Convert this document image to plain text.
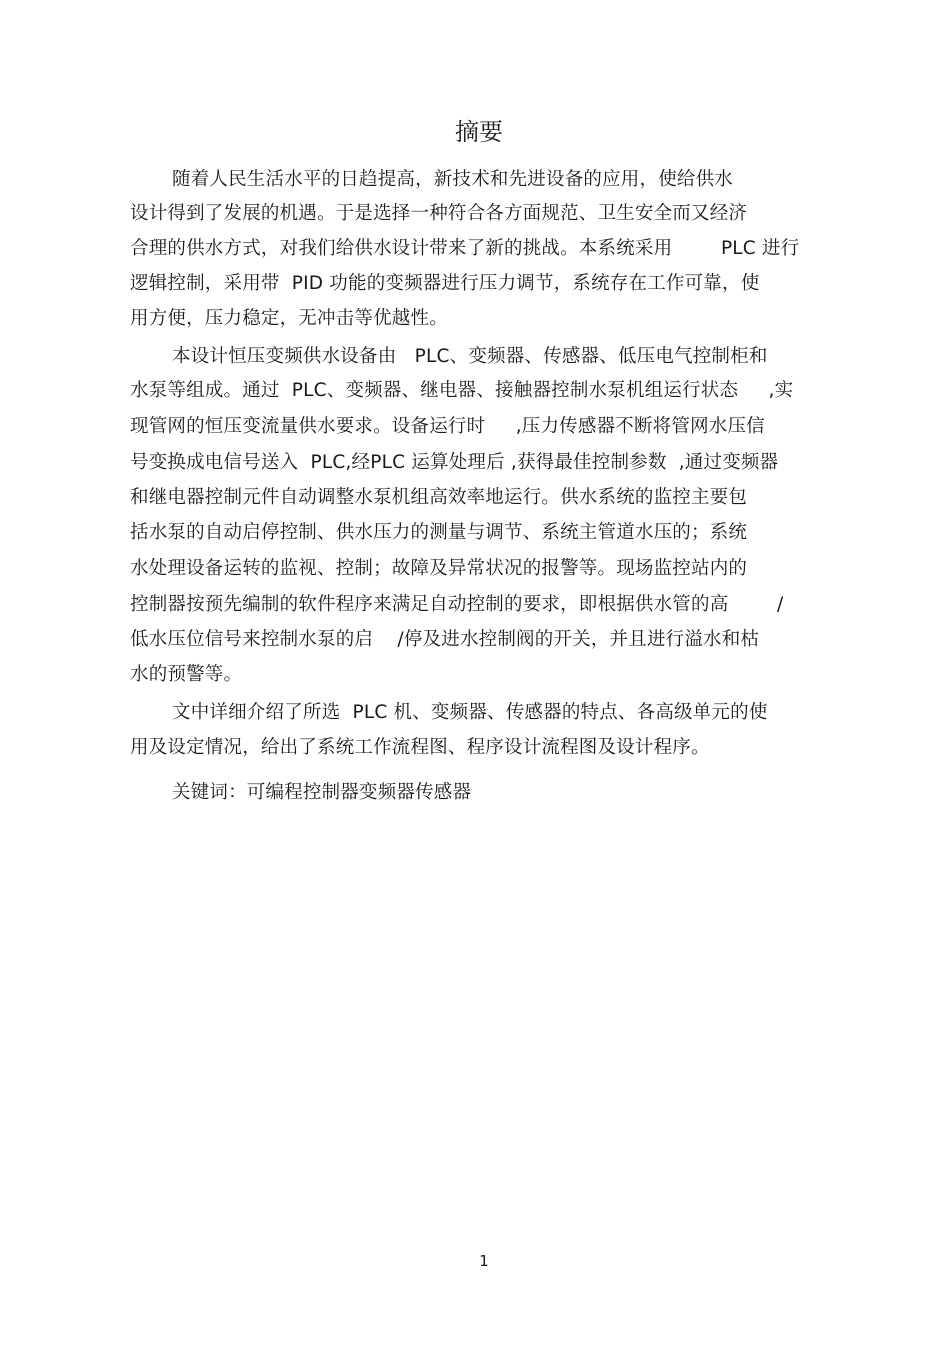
摘要
随着人民生活水平的日趋提高，新技术和先进设备的应用，使给供水
设计得到了发展的机遇。于是选择一种符合各方面规范、卫生安全而又经济
合理的供水方式，对我们给供水设计带来了新的挑战。本系统采用        PLC 进行
逻辑控制，采用带  PID 功能的变频器进行压力调节，系统存在工作可靠，使
用方便，压力稳定，无冲击等优越性。
本设计恒压变频供水设备由   PLC、变频器、传感器、低压电气控制柜和
水泵等组成。通过  PLC、变频器、继电器、接触器控制水泵机组运行状态     ,实
现管网的恒压变流量供水要求。设备运行时     ,压力传感器不断将管网水压信
号变换成电信号送入  PLC,经PLC 运算处理后 ,获得最佳控制参数  ,通过变频器
和继电器控制元件自动调整水泵机组高效率地运行。供水系统的监控主要包
括水泵的自动启停控制、供水压力的测量与调节、系统主管道水压的；系统
水处理设备运转的监视、控制；故障及异常状况的报警等。现场监控站内的
控制器按预先编制的软件程序来满足自动控制的要求，即根据供水管的高        /
低水压位信号来控制水泵的启    /停及进水控制阀的开关，并且进行溢水和枯
水的预警等。
文中详细介绍了所选  PLC 机、变频器、传感器的特点、各高级单元的使
用及设定情况，给出了系统工作流程图、程序设计流程图及设计程序。
关键词：可编程控制器变频器传感器
1
